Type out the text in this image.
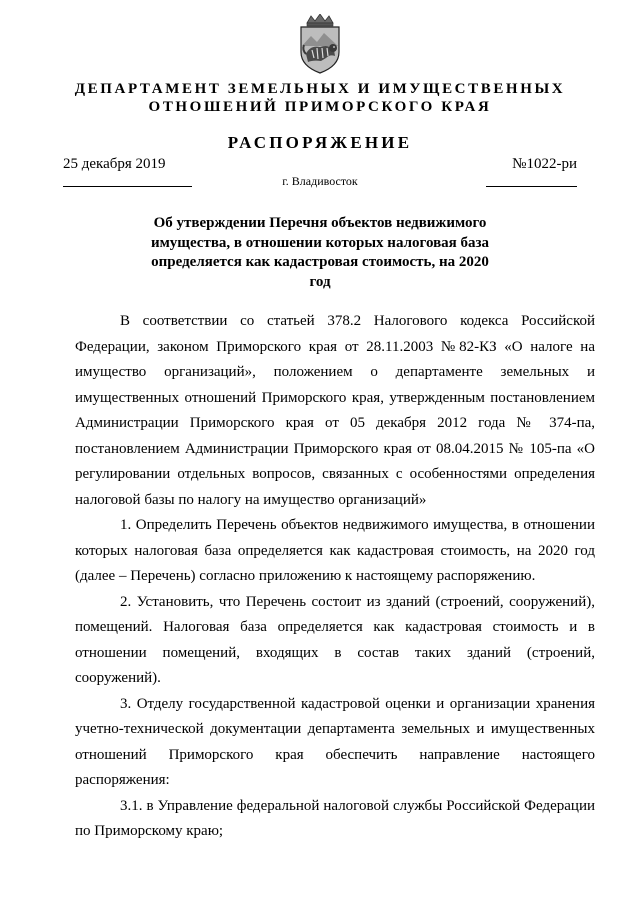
ДЕПАРТАМЕНТ ЗЕМЕЛЬНЫХ И ИМУЩЕСТВЕННЫХ
ОТНОШЕНИЙ ПРИМОРСКОГО КРАЯ
РАСПОРЯЖЕНИЕ
25 декабря 2019	№1022-ри
г. Владивосток
Об утверждении Перечня объектов недвижимого
имущества, в отношении которых налоговая база
определяется как кадастровая стоимость, на 2020 год

В соответствии со статьей 378.2 Налогового кодекса Российской Федерации, законом Приморского края от 28.11.2003 №82-КЗ «О налоге на имущество организаций», положением о департаменте земельных и имущественных отношений Приморского края, утвержденным постановлением Администрации Приморского края от 05 декабря 2012 года № 374-па, постановлением Администрации Приморского края от 08.04.2015 № 105-па «О регулировании отдельных вопросов, связанных с особенностями определения налоговой базы по налогу на имущество организаций»

1. Определить Перечень объектов недвижимого имущества, в отношении которых налоговая база определяется как кадастровая стоимость, на 2020 год (далее – Перечень) согласно приложению к настоящему распоряжению.

2. Установить, что Перечень состоит из зданий (строений, сооружений), помещений. Налоговая база определяется как кадастровая стоимость и в отношении помещений, входящих в состав таких зданий (строений, сооружений).

3. Отделу государственной кадастровой оценки и организации хранения учетно-технической документации департамента земельных и имущественных отношений Приморского края обеспечить направление настоящего распоряжения:

3.1. в Управление федеральной налоговой службы Российской Федерации по Приморскому краю;
